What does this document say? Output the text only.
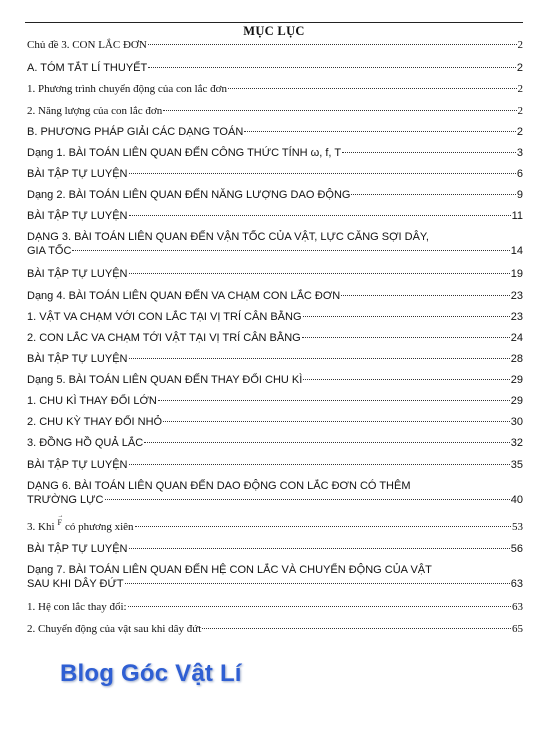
MỤC LỤC
Chủ đề 3. CON LẮC ĐƠN	2
A. TÓM TẮT LÍ THUYẾT	2
1. Phương trình chuyển động của con lắc đơn	2
2. Năng lượng của con lắc đơn	2
B. PHƯƠNG PHÁP GIẢI CÁC DẠNG TOÁN	2
Dạng 1. BÀI TOÁN LIÊN QUAN ĐẾN CÔNG THỨC TÍNH ω, f, T	3
BÀI TẬP TỰ LUYỆN	6
Dạng 2. BÀI TOÁN LIÊN QUAN ĐẾN NĂNG LƯỢNG DAO ĐỘNG	9
BÀI TẬP TỰ LUYỆN	11
DẠNG 3. BÀI TOÁN LIÊN QUAN ĐẾN VẬN TỐC CỦA VẬT, LỰC CĂNG SỢI DÂY,
GIA TỐC	14
BÀI TẬP TỰ LUYỆN	19
Dạng 4. BÀI TOÁN LIÊN QUAN ĐẾN VA CHẠM CON LẮC ĐƠN	23
1. VẬT VA CHẠM VỚI CON LẮC TẠI VỊ TRÍ CÂN BẰNG	23
2. CON LẮC VA CHẠM TỚI VẬT TẠI VỊ TRÍ CÂN BẰNG	24
BÀI TẬP TỰ LUYỆN	28
Dạng 5. BÀI TOÁN LIÊN QUAN ĐẾN THAY ĐỔI CHU KÌ	29
1. CHU KÌ THAY ĐỔI LỚN	29
2. CHU KỲ THAY ĐỔI NHỎ	30
3. ĐỒNG HỒ QUẢ LẮC	32
BÀI TẬP TỰ LUYỆN	35
DẠNG 6. BÀI TOÁN LIÊN QUAN ĐẾN DAO ĐỘNG CON LẮC ĐƠN CÓ THÊM
TRƯỜNG LỰC	40
3. Khi → F có phương xiên	53
BÀI TẬP TỰ LUYỆN	56
Dạng 7. BÀI TOÁN LIÊN QUAN ĐẾN HỆ CON LẮC VÀ CHUYỂN ĐỘNG CỦA VẬT
SAU KHI DÂY ĐỨT	63
1. Hệ con lắc thay đổi:	63
2. Chuyển động của vật sau khi dây đứt	65
Blog Góc Vật Lí
